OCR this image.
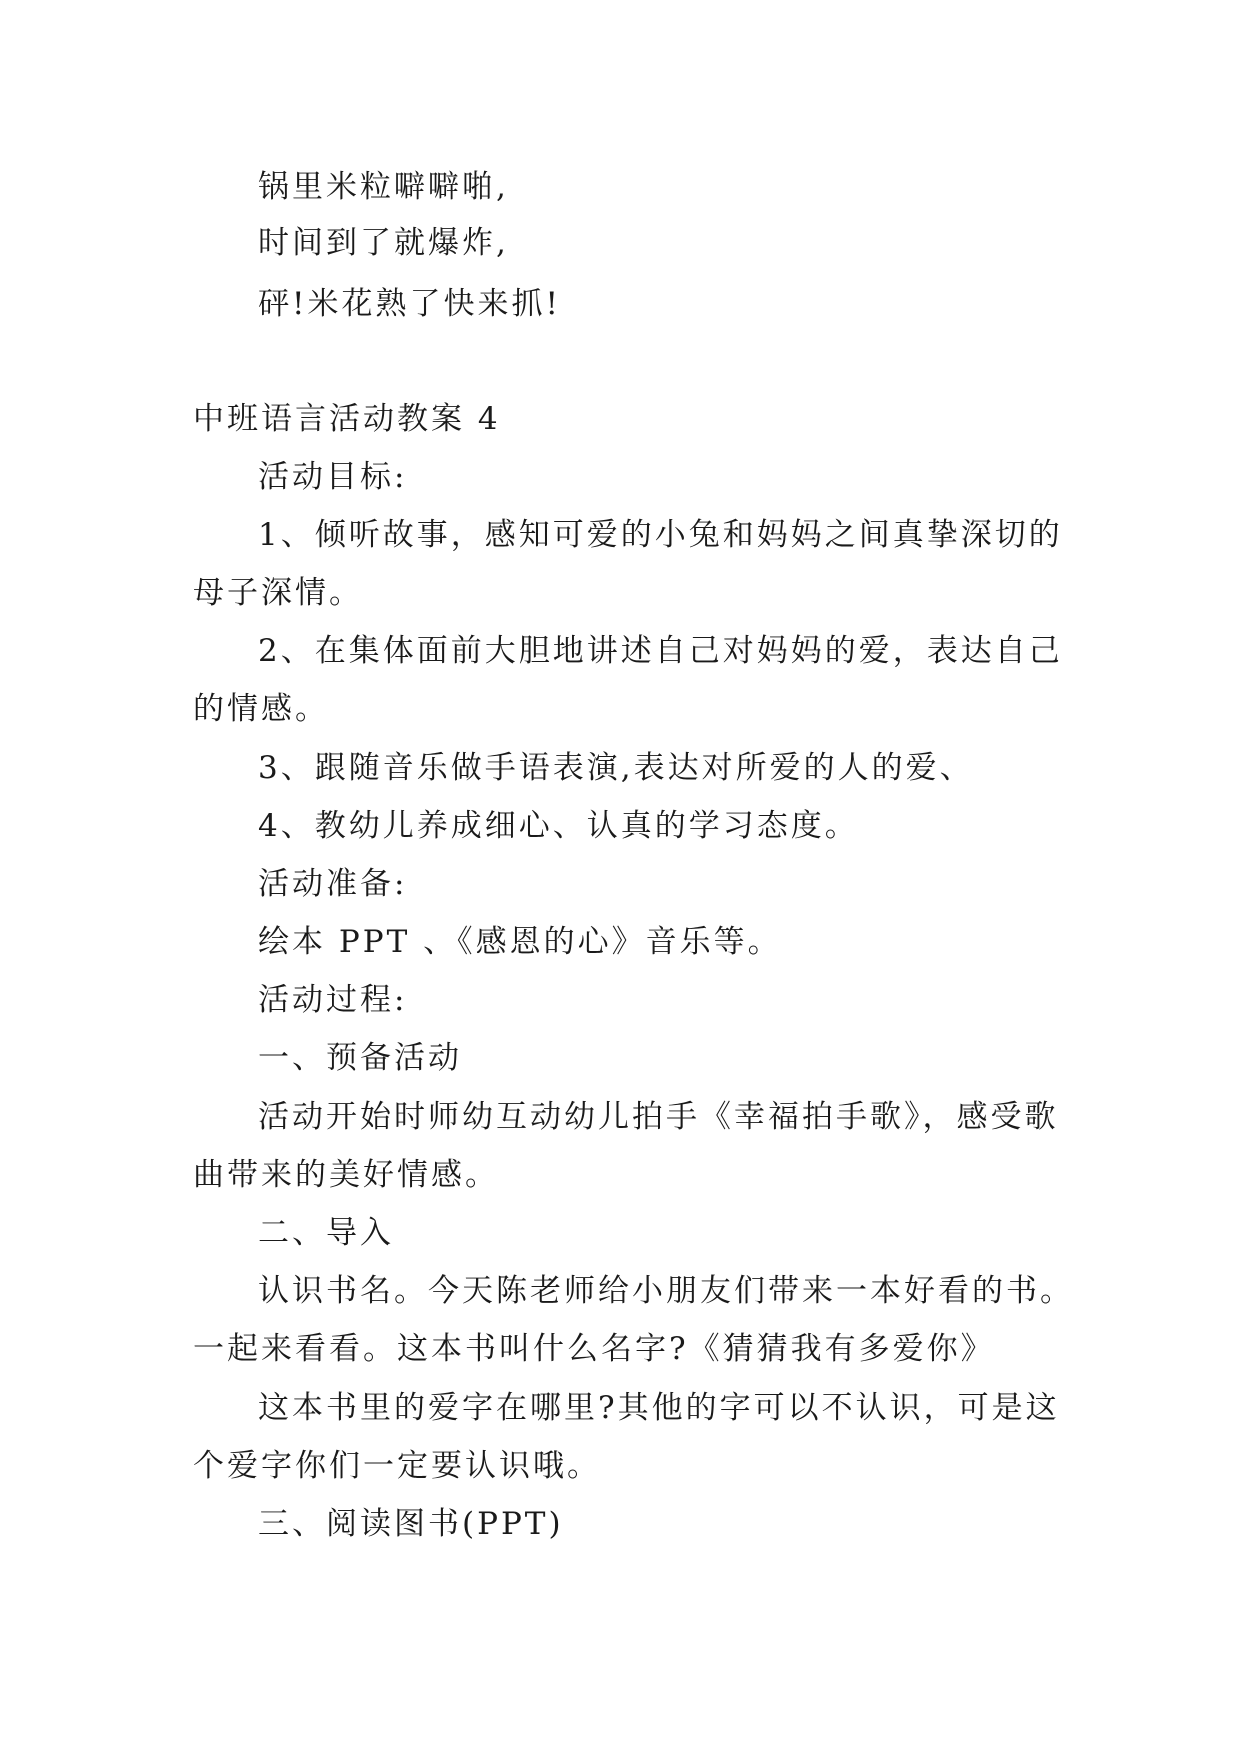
锅里米粒噼噼啪,
时间到了就爆炸,
砰!米花熟了快来抓!
中班语言活动教案 4
活动目标:
1、倾听故事，感知可爱的小兔和妈妈之间真挚深切的
母子深情。
2、在集体面前大胆地讲述自己对妈妈的爱，表达自己
的情感。
3、跟随音乐做手语表演,表达对所爱的人的爱、
4、教幼儿养成细心、认真的学习态度。
活动准备:
绘本 PPT 、《感恩的心》音乐等。
活动过程:
一、预备活动
活动开始时师幼互动幼儿拍手《幸福拍手歌》，感受歌
曲带来的美好情感。
二、导入
认识书名。今天陈老师给小朋友们带来一本好看的书。
一起来看看。这本书叫什么名字?《猜猜我有多爱你》
这本书里的爱字在哪里?其他的字可以不认识，可是这
个爱字你们一定要认识哦。
三、阅读图书(PPT)
